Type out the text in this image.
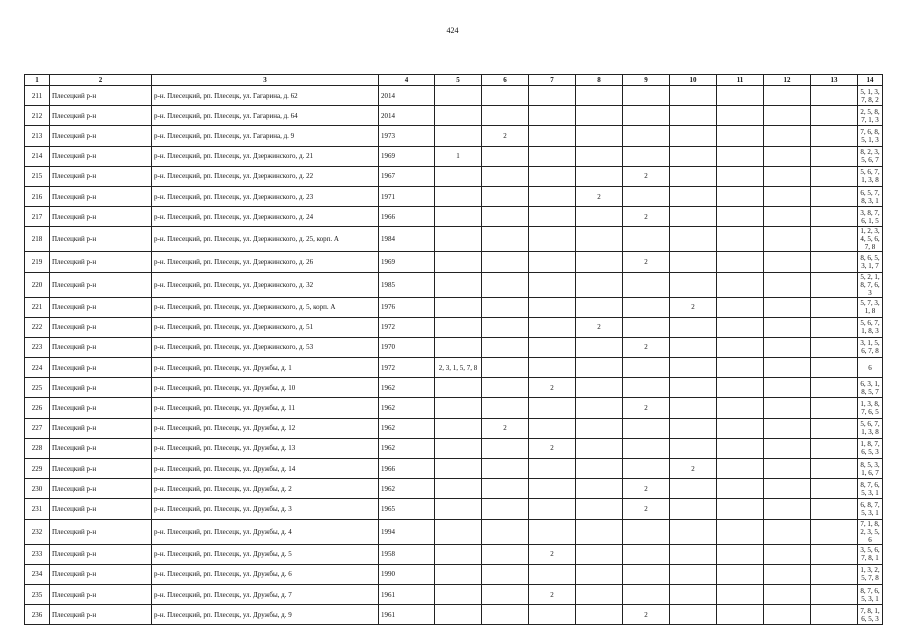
424
1	2	3	4	5	6	7	8	9	10	11	12	13	14
211	Плесецкий р-н	р-н. Плесецкий, рп. Плесецк, ул. Гагарина, д. 62	2014										5, 1, 3, 7, 8, 2
212	Плесецкий р-н	р-н. Плесецкий, рп. Плесецк, ул. Гагарина, д. 64	2014										2, 5, 8, 7, 1, 3
213	Плесецкий р-н	р-н. Плесецкий, рп. Плесецк, ул. Гагарина, д. 9	1973		2								7, 6, 8, 5, 1, 3
214	Плесецкий р-н	р-н. Плесецкий, рп. Плесецк, ул. Дзержинского, д. 21	1969	1									8, 2, 3, 5, 6, 7
215	Плесецкий р-н	р-н. Плесецкий, рп. Плесецк, ул. Дзержинского, д. 22	1967					2					5, 6, 7, 1, 3, 8
216	Плесецкий р-н	р-н. Плесецкий, рп. Плесецк, ул. Дзержинского, д. 23	1971				2						6, 5, 7, 8, 3, 1
217	Плесецкий р-н	р-н. Плесецкий, рп. Плесецк, ул. Дзержинского, д. 24	1966					2					3, 8, 7, 6, 1, 5
218	Плесецкий р-н	р-н. Плесецкий, рп. Плесецк, ул. Дзержинского, д. 25, корп. А	1984										1, 2, 3, 4, 5, 6, 7, 8
219	Плесецкий р-н	р-н. Плесецкий, рп. Плесецк, ул. Дзержинского, д. 26	1969					2					8, 6, 5, 3, 1, 7
220	Плесецкий р-н	р-н. Плесецкий, рп. Плесецк, ул. Дзержинского, д. 32	1985										5, 2, 1, 8, 7, 6, 3
221	Плесецкий р-н	р-н. Плесецкий, рп. Плесецк, ул. Дзержинского, д. 5, корп. А	1976						2				5, 7, 3, 1, 8
222	Плесецкий р-н	р-н. Плесецкий, рп. Плесецк, ул. Дзержинского, д. 51	1972				2						5, 6, 7, 1, 8, 3
223	Плесецкий р-н	р-н. Плесецкий, рп. Плесецк, ул. Дзержинского, д. 53	1970					2					3, 1, 5, 6, 7, 8
224	Плесецкий р-н	р-н. Плесецкий, рп. Плесецк, ул. Дружбы, д. 1	1972	2, 3, 1, 5, 7, 8									6
225	Плесецкий р-н	р-н. Плесецкий, рп. Плесецк, ул. Дружбы, д. 10	1962			2							6, 3, 1, 8, 5, 7
226	Плесецкий р-н	р-н. Плесецкий, рп. Плесецк, ул. Дружбы, д. 11	1962					2					1, 3, 8, 7, 6, 5
227	Плесецкий р-н	р-н. Плесецкий, рп. Плесецк, ул. Дружбы, д. 12	1962		2								5, 6, 7, 1, 3, 8
228	Плесецкий р-н	р-н. Плесецкий, рп. Плесецк, ул. Дружбы, д. 13	1962			2							1, 8, 7, 6, 5, 3
229	Плесецкий р-н	р-н. Плесецкий, рп. Плесецк, ул. Дружбы, д. 14	1966						2				8, 5, 3, 1, 6, 7
230	Плесецкий р-н	р-н. Плесецкий, рп. Плесецк, ул. Дружбы, д. 2	1962					2					8, 7, 6, 5, 3, 1
231	Плесецкий р-н	р-н. Плесецкий, рп. Плесецк, ул. Дружбы, д. 3	1965					2					6, 8, 7, 5, 3, 1
232	Плесецкий р-н	р-н. Плесецкий, рп. Плесецк, ул. Дружбы, д. 4	1994										7, 1, 8, 2, 3, 5, 6
233	Плесецкий р-н	р-н. Плесецкий, рп. Плесецк, ул. Дружбы, д. 5	1958			2							3, 5, 6, 7, 8, 1
234	Плесецкий р-н	р-н. Плесецкий, рп. Плесецк, ул. Дружбы, д. 6	1990										1, 3, 2, 5, 7, 8
235	Плесецкий р-н	р-н. Плесецкий, рп. Плесецк, ул. Дружбы, д. 7	1961			2							8, 7, 6, 5, 3, 1
236	Плесецкий р-н	р-н. Плесецкий, рп. Плесецк, ул. Дружбы, д. 9	1961					2					7, 8, 1, 6, 5, 3
